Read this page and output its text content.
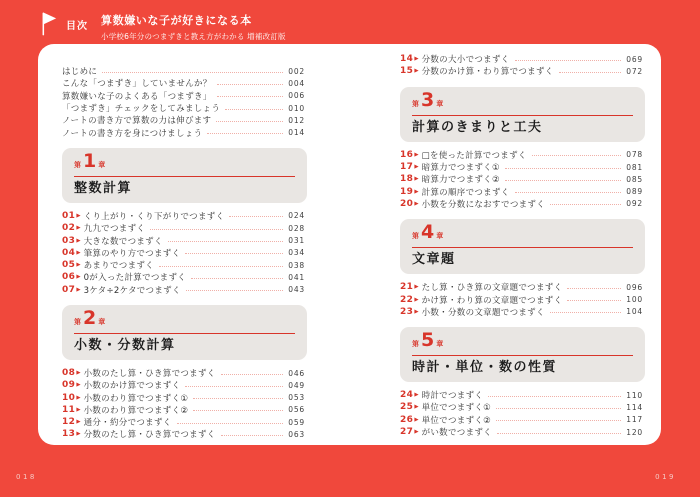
目次 算数嫌いな子が好きになる本
小学校6年分のつまずきと教え方がわかる 増補改訂版
はじめに	002
こんな「つまずき」していませんか？	004
算数嫌いな子のよくある「つまずき」	006
「つまずき」チェックをしてみましょう	010
ノートの書き方で算数の力は伸びます	012
ノートの書き方を身につけましょう	014
第 1 章
整数計算
01 ▶ くり上がり・くり下がりでつまずく	024
02 ▶ 九九でつまずく	028
03 ▶ 大きな数でつまずく	031
04 ▶ 筆算のやり方でつまずく	034
05 ▶ あまりでつまずく	038
06 ▶ 0が入った計算でつまずく	041
07 ▶ 3ケタ÷2ケタでつまずく	043
第 2 章
小数・分数計算
08 ▶ 小数のたし算・ひき算でつまずく	046
09 ▶ 小数のかけ算でつまずく	049
10 ▶ 小数のわり算でつまずく①	053
11 ▶ 小数のわり算でつまずく②	056
12 ▶ 通分・約分でつまずく	059
13 ▶ 分数のたし算・ひき算でつまずく	063
14 ▶ 分数の大小でつまずく	069
15 ▶ 分数のかけ算・わり算でつまずく	072
第 3 章
計算のきまりと工夫
16 ▶ □を使った計算でつまずく	078
17 ▶ 暗算力でつまずく①	081
18 ▶ 暗算力でつまずく②	085
19 ▶ 計算の順序でつまずく	089
20 ▶ 小数を分数になおすでつまずく	092
第 4 章
文章題
21 ▶ たし算・ひき算の文章題でつまずく	096
22 ▶ かけ算・わり算の文章題でつまずく	100
23 ▶ 小数・分数の文章題でつまずく	104
第 5 章
時計・単位・数の性質
24 ▶ 時計でつまずく	110
25 ▶ 単位でつまずく①	114
26 ▶ 単位でつまずく②	117
27 ▶ がい数でつまずく	120
018	019
